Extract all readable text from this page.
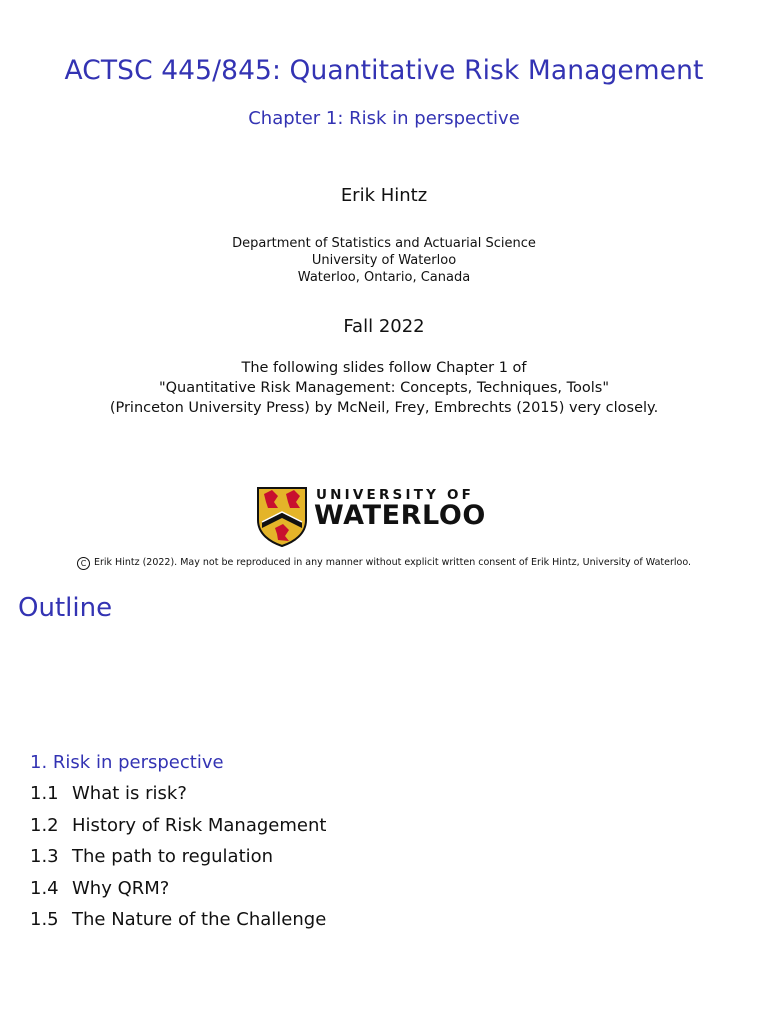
ACTSC 445/845: Quantitative Risk Management
Chapter 1: Risk in perspective
Erik Hintz
Department of Statistics and Actuarial Science
University of Waterloo
Waterloo, Ontario, Canada
Fall 2022
The following slides follow Chapter 1 of
"Quantitative Risk Management: Concepts, Techniques, Tools"
(Princeton University Press) by McNeil, Frey, Embrechts (2015) very closely.
UNIVERSITY OF
WATERLOO
C Erik Hintz (2022). May not be reproduced in any manner without explicit written consent of Erik Hintz, University of Waterloo.
Outline
1. Risk in perspective
1.1 What is risk?
1.2 History of Risk Management
1.3 The path to regulation
1.4 Why QRM?
1.5 The Nature of the Challenge
